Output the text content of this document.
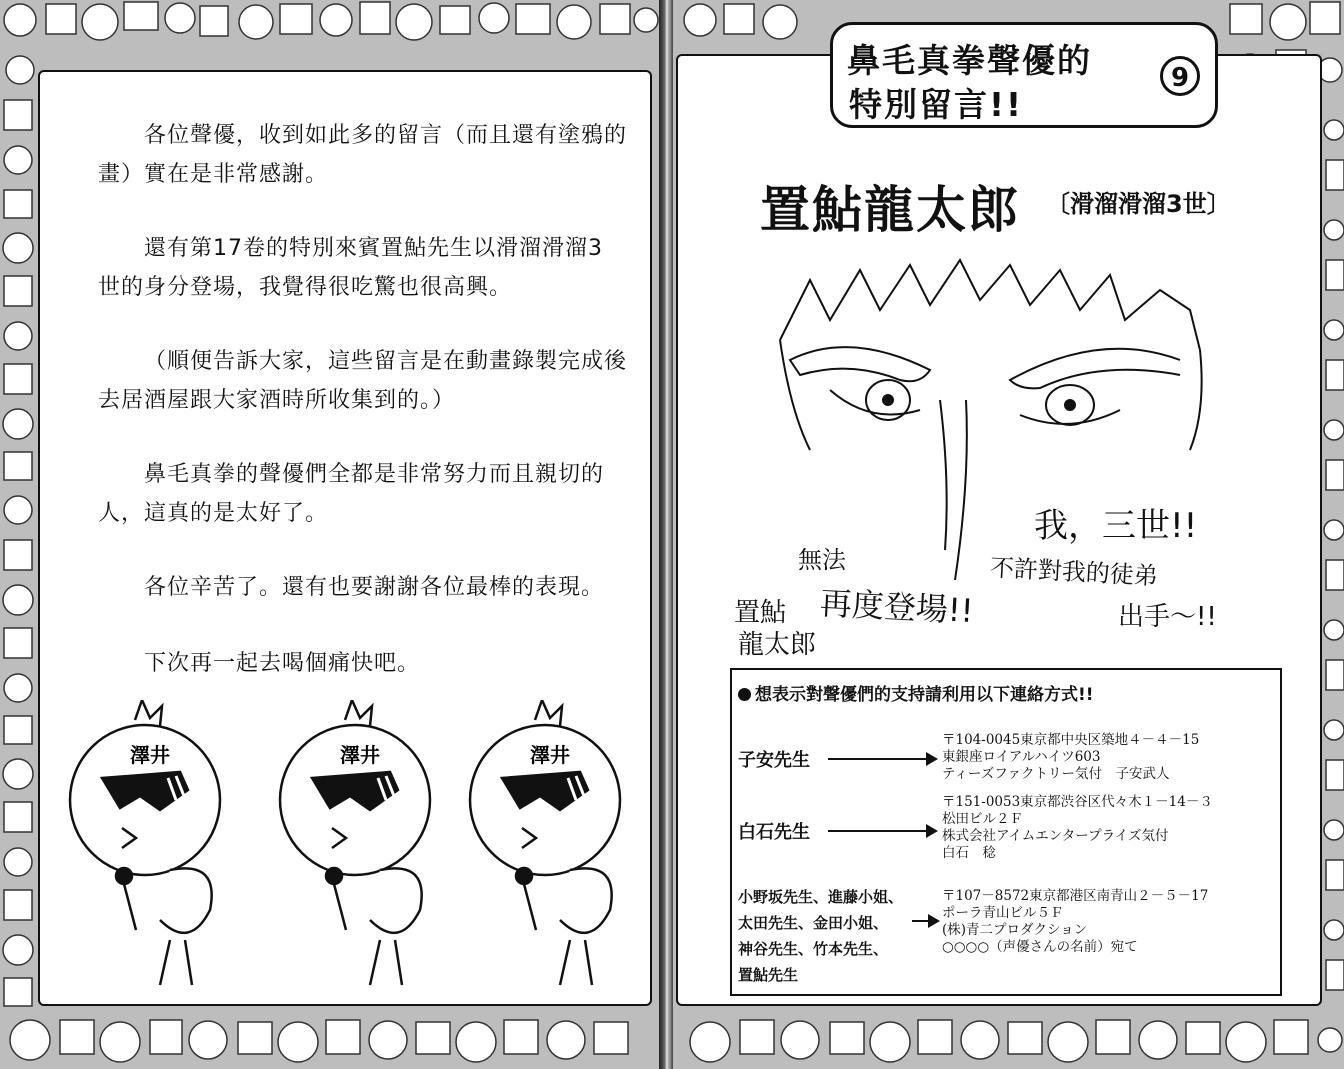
各位聲優，收到如此多的留言（而且還有塗鴉的
畫）實在是非常感謝。
還有第17卷的特別來賓置鮎先生以滑溜滑溜3
世的身分登場，我覺得很吃驚也很高興。
（順便告訴大家，這些留言是在動畫錄製完成後
去居酒屋跟大家酒時所收集到的。）
鼻毛真拳的聲優們全都是非常努力而且親切的
人，這真的是太好了。
各位辛苦了。還有也要謝謝各位最棒的表現。
下次再一起去喝個痛快吧。
澤井	澤井	澤井
鼻毛真拳聲優的
特別留言!!
9
置鮎龍太郎 〔滑溜滑溜3世〕
我，三世!!
無法
再度登場!!
不許對我的徒弟
出手～!!
置鮎
龍太郎
想表示對聲優們的支持請利用以下連絡方式!!
子安先生
〒104-0045東京都中央区築地４－４－15
東銀座ロイアルハイツ603
ティーズファクトリー気付　子安武人
白石先生
〒151-0053東京都渋谷区代々木１－14－３
松田ビル２Ｆ
株式会社アイムエンタープライズ気付
白石　稔
小野坂先生、進藤小姐、
太田先生、金田小姐、
神谷先生、竹本先生、
置鮎先生
〒107－8572東京都港区南青山２－５－17
ポーラ青山ビル５Ｆ
(株)青二プロダクション
○○○○（声優さんの名前）宛て
